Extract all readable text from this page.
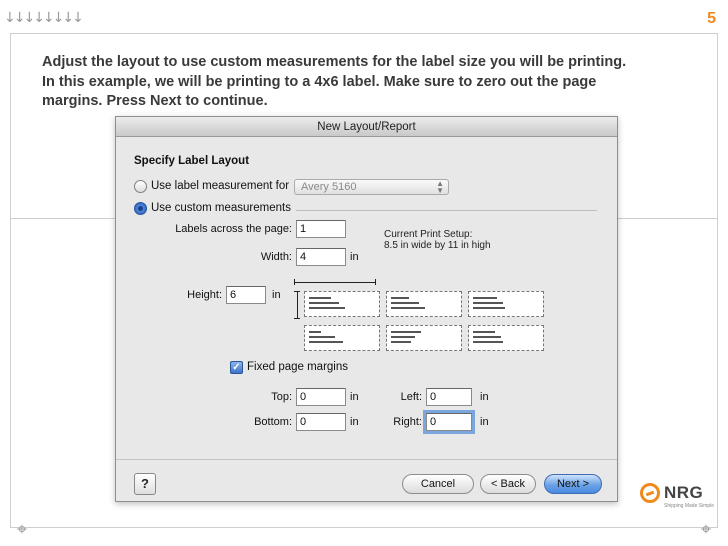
↓↓↓↓↓↓↓↓	5
⌖	⌖
Adjust the layout to use custom measurements for the label size you will be printing. In this example, we will be printing to a 4x6 label. Make sure to zero out the page margins. Press Next to continue.
NRG
Shipping Made Simple
New Layout/Report
Specify Label Layout
Use label measurement for	Avery 5160	▲
▼
Use custom measurements
Labels across the page: 1	Current Print Setup:
8.5 in wide by 11 in high
Width: 4	in
Height: 6	in
✓ Fixed page margins
Top: 0	in	Left: 0	in
Bottom: 0	in	Right: 0	in
?	Cancel	< Back	Next >
